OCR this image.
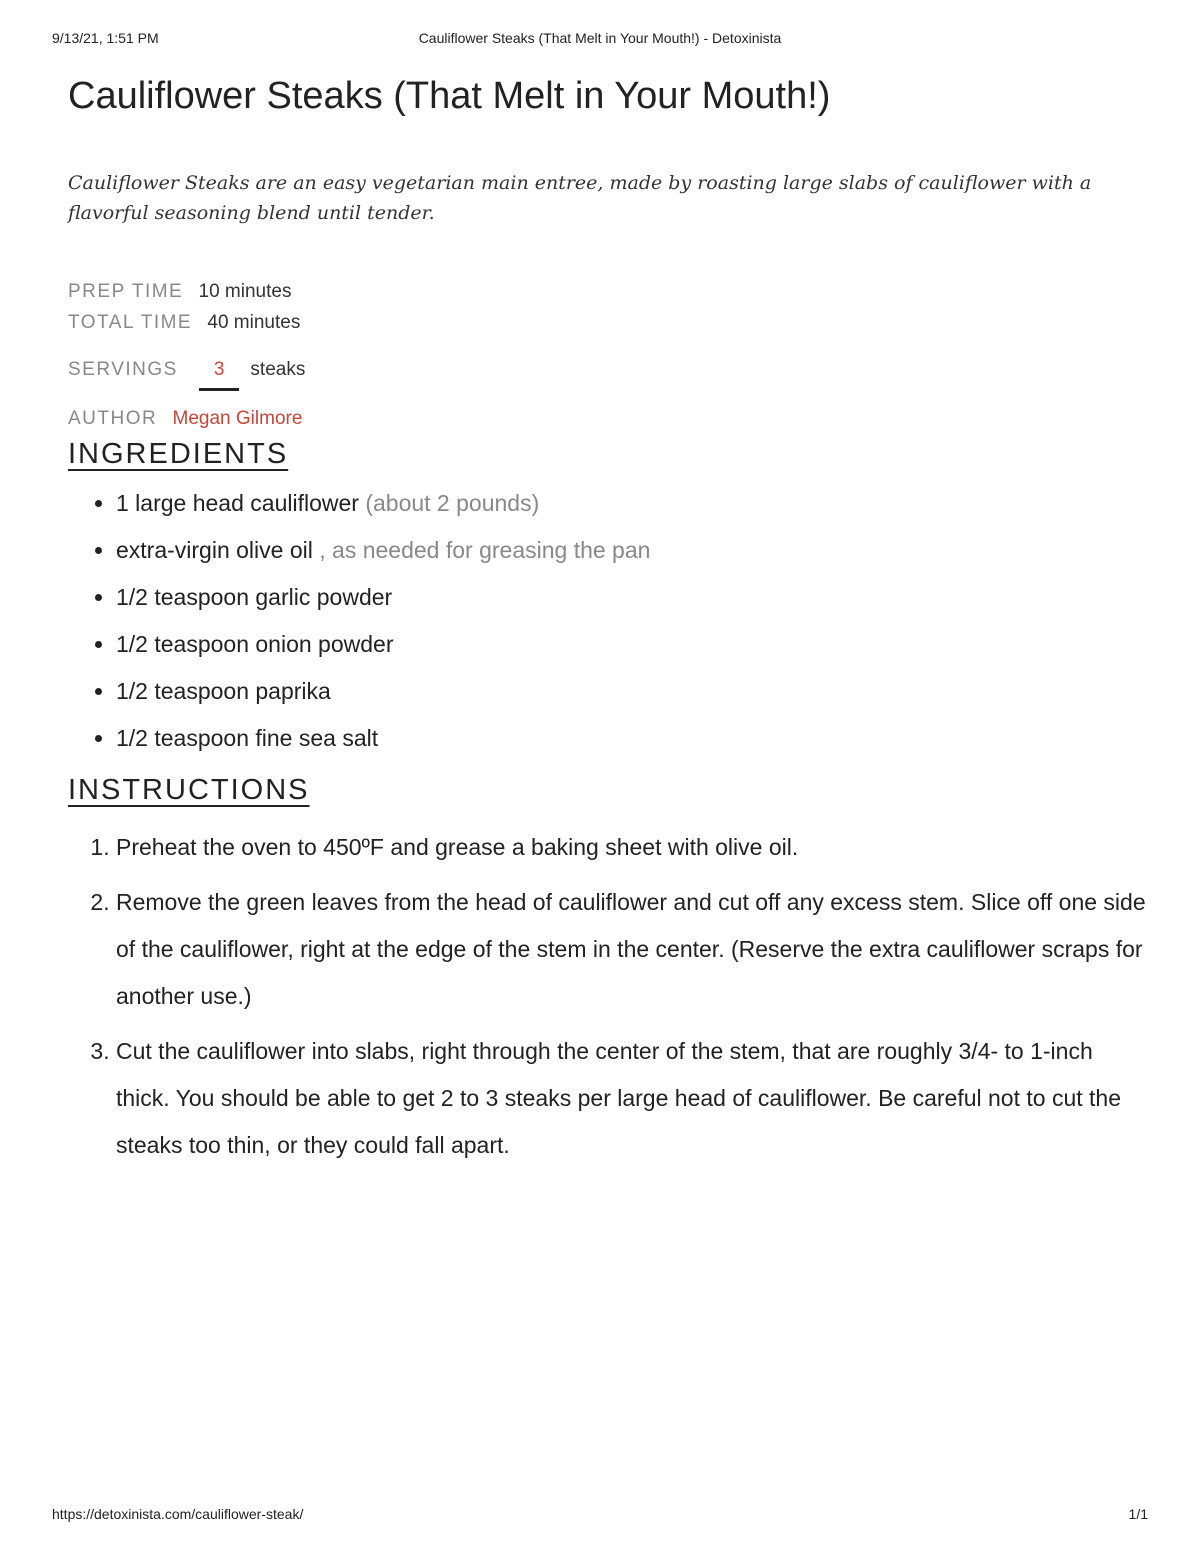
9/13/21, 1:51 PM	Cauliflower Steaks (That Melt in Your Mouth!) - Detoxinista
Cauliflower Steaks (That Melt in Your Mouth!)
Cauliflower Steaks are an easy vegetarian main entree, made by roasting large slabs of cauliflower with a flavorful seasoning blend until tender.
PREP TIME 10 minutes
TOTAL TIME 40 minutes
SERVINGS 3 steaks
AUTHOR Megan Gilmore
INGREDIENTS
• 1 large head cauliflower (about 2 pounds)
• extra-virgin olive oil , as needed for greasing the pan
• 1/2 teaspoon garlic powder
• 1/2 teaspoon onion powder
• 1/2 teaspoon paprika
• 1/2 teaspoon fine sea salt
INSTRUCTIONS
1. Preheat the oven to 450ºF and grease a baking sheet with olive oil.
2. Remove the green leaves from the head of cauliflower and cut off any excess stem. Slice off one side of the cauliflower, right at the edge of the stem in the center. (Reserve the extra cauliflower scraps for another use.)
3. Cut the cauliflower into slabs, right through the center of the stem, that are roughly 3/4- to 1-inch thick. You should be able to get 2 to 3 steaks per large head of cauliflower. Be careful not to cut the steaks too thin, or they could fall apart.
https://detoxinista.com/cauliflower-steak/	1/1
